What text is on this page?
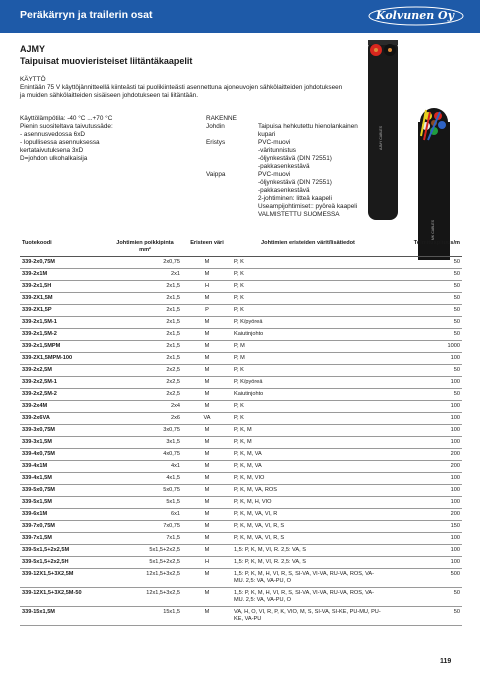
Peräkärryn ja trailerin osat	Kolvunen Oy
AJMY
Taipuisat muovieristeiset liitäntäkaapelit
KÄYTTÖ
Enintään 75 V käyttöjännitteellä kiinteästi tai puolikiinteästi asennettuna ajoneuvojen sähkölaitteiden johdotukseen ja muiden sähkölaitteiden sisäiseen johdotukseen tai liitäntään.
Käyttölämpötila: -40 °C ...+70 °C
Pienin suositeltava taivutussäde:
- asennusvedossa 6xD
- lopullisessa asennuksessa
kertataivutuksena 3xD
D=johdon ulkohalkaisija
RAKENNE
Johdin	Taipuisa hehkutettu hienolankainen
kupari
Eristys	PVC-muovi
-väritunnistus
-öljynkestävä (DIN 72551)
-pakkasenkestävä
Vaippa	PVC-muovi
-öljynkestävä (DIN 72551)
-pakkasenkestävä
2-johtiminen: litteä kaapeli
Useampijohtimiset:: pyöreä kaapeli
VALMISTETTU SUOMESSA
AJMY CABLES
MK CABLES
Tuotekoodi	Johtimien poikkipinta mm²	Eristeen väri	Johtimien eristeiden värit/lisätiedot	Toimituspituus/m
339-2x0,75M	2x0,75	M	P, K	50
339-2x1M	2x1	M	P, K	50
339-2x1,5H	2x1,5	H	P, K	50
339-2X1,5M	2x1,5	M	P, K	50
339-2X1,5P	2x1,5	P	P, K	50
339-2x1,5M-1	2x1,5	M	P, K/pyöreä	50
339-2x1,5M-2	2x1,5	M	Kaiutinjohto	50
339-2x1,5MPM	2x1,5	M	P, M	1000
339-2X1,5MPM-100	2x1,5	M	P, M	100
339-2x2,5M	2x2,5	M	P, K	50
339-2x2,5M-1	2x2,5	M	P, K/pyöreä	100
339-2x2,5M-2	2x2,5	M	Kaiutinjohto	50
339-2x4M	2x4	M	P, K	100
339-2x6VA	2x6	VA	P, K	100
339-3x0,75M	3x0,75	M	P, K, M	100
339-3x1,5M	3x1,5	M	P, K, M	100
339-4x0,75M	4x0,75	M	P, K, M, VA	200
339-4x1M	4x1	M	P, K, M, VA	200
339-4x1,5M	4x1,5	M	P, K, M, VIO	100
339-5x0,75M	5x0,75	M	P, K, M, VA, ROS	100
339-5x1,5M	5x1,5	M	P, K, M, H, VIO	100
339-6x1M	6x1	M	P, K, M, VA, VI, R	200
339-7x0,75M	7x0,75	M	P, K, M, VA, VI, R, S	150
339-7x1,5M	7x1,5	M	P, K, M, VA, VI, R, S	100
339-5x1,5+2x2,5M	5x1,5+2x2,5	M	1,5: P, K, M, VI, R. 2,5: VA, S	100
339-5x1,5+2x2,5H	5x1,5+2x2,5	H	1,5: P, K, M, VI, R. 2,5: VA, S	100
339-12X1,5+3X2,5M	12x1,5+3x2,5	M	1,5: P, K, M, H, VI, R, S, SI-VA, VI-VA, RU-VA, ROS, VA-MU. 2,5: VA, VA-PU, O	500
339-12X1,5+3X2,5M-50	12x1,5+3x2,5	M	1,5: P, K, M, H, VI, R, S, SI-VA, VI-VA, RU-VA, ROS, VA-MU. 2,5: VA, VA-PU, O	50
339-15x1,5M	15x1,5	M	VA, H, O, VI, R, P, K, VIO, M, S, SI-VA, SI-KE, PU-MU, PU-KE, VA-PU	50
119
